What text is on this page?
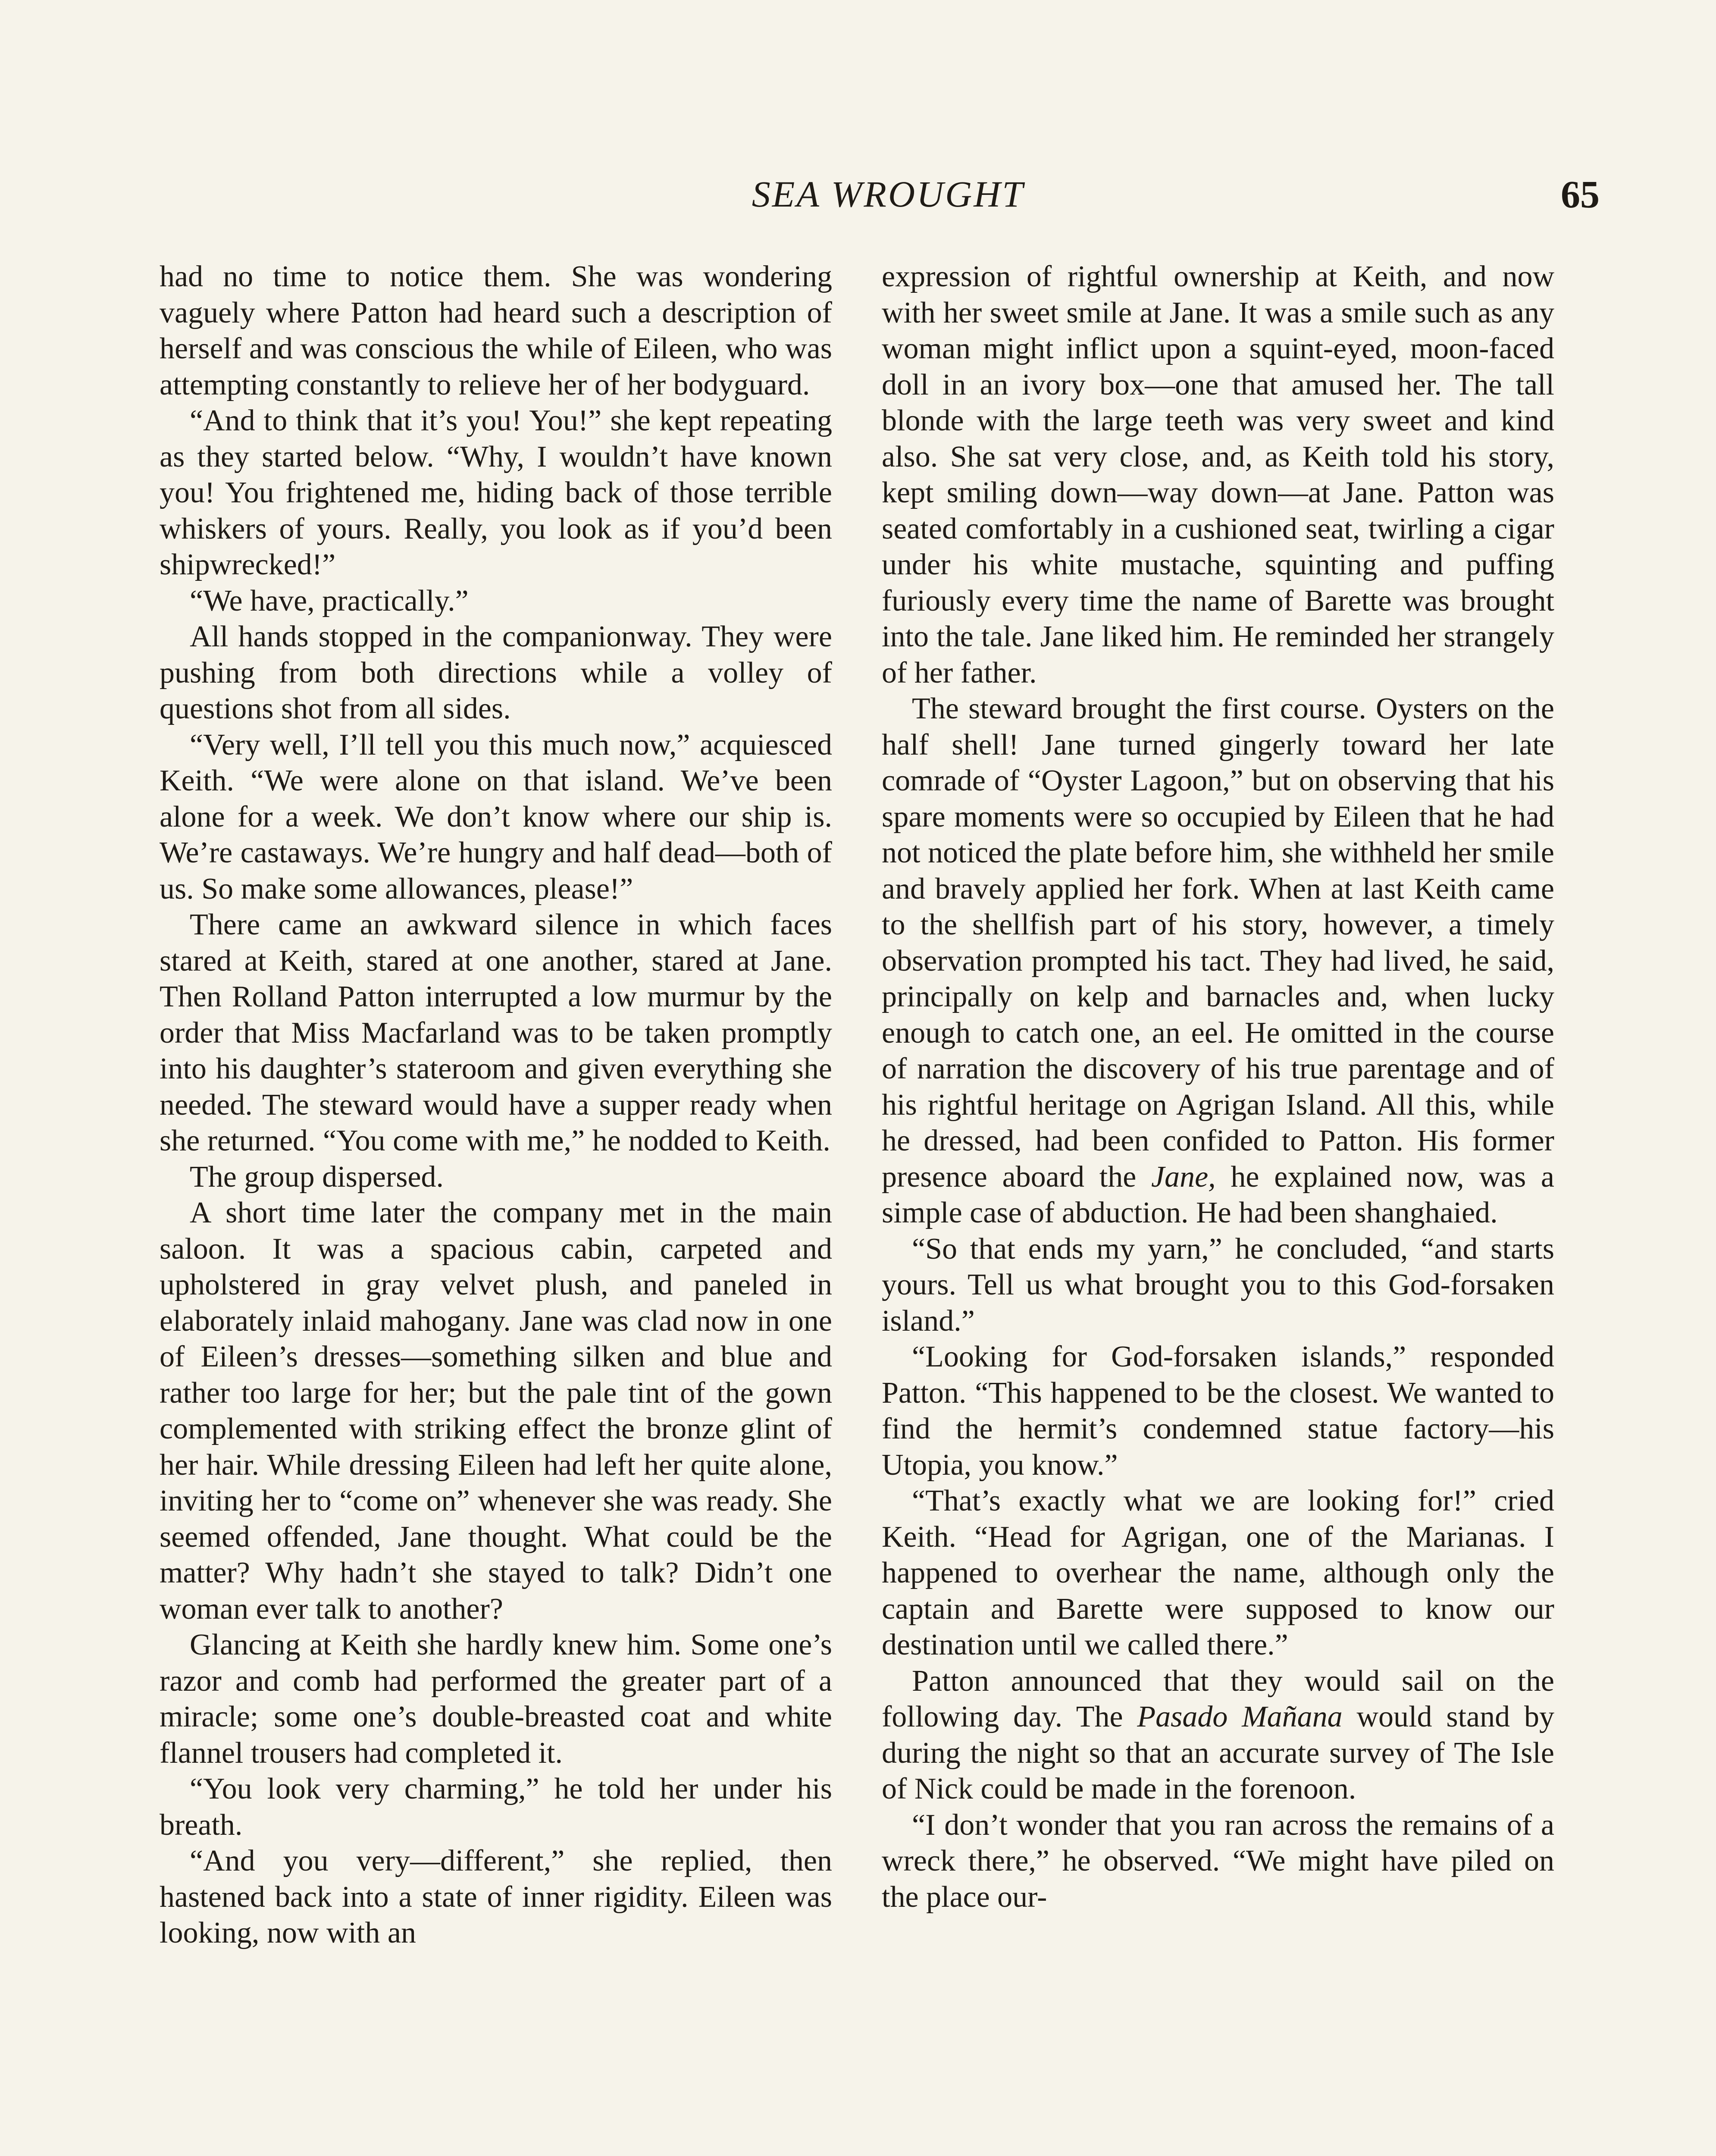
SEA WROUGHT	65

had no time to notice them. She was wondering vaguely where Patton had heard such a description of herself and was conscious the while of Eileen, who was attempting constantly to relieve her of her bodyguard.

“And to think that it’s you! You!” she kept repeating as they started below. “Why, I wouldn’t have known you! You frightened me, hiding back of those terrible whiskers of yours. Really, you look as if you’d been shipwrecked!”

“We have, practically.”

All hands stopped in the companionway. They were pushing from both directions while a volley of questions shot from all sides.

“Very well, I’ll tell you this much now,” acquiesced Keith. “We were alone on that island. We’ve been alone for a week. We don’t know where our ship is. We’re castaways. We’re hungry and half dead—both of us. So make some allowances, please!”

There came an awkward silence in which faces stared at Keith, stared at one another, stared at Jane. Then Rolland Patton interrupted a low murmur by the order that Miss Macfarland was to be taken promptly into his daughter’s stateroom and given everything she needed. The steward would have a supper ready when she returned. “You come with me,” he nodded to Keith.

The group dispersed.

A short time later the company met in the main saloon. It was a spacious cabin, carpeted and upholstered in gray velvet plush, and paneled in elaborately inlaid mahogany. Jane was clad now in one of Eileen’s dresses—something silken and blue and rather too large for her; but the pale tint of the gown complemented with striking effect the bronze glint of her hair. While dressing Eileen had left her quite alone, inviting her to “come on” whenever she was ready. She seemed offended, Jane thought. What could be the matter? Why hadn’t she stayed to talk? Didn’t one woman ever talk to another?

Glancing at Keith she hardly knew him. Some one’s razor and comb had performed the greater part of a miracle; some one’s double-breasted coat and white flannel trousers had completed it.

“You look very charming,” he told her under his breath.

“And you very—different,” she replied, then hastened back into a state of inner rigidity. Eileen was looking, now with an

expression of rightful ownership at Keith, and now with her sweet smile at Jane. It was a smile such as any woman might inflict upon a squint-eyed, moon-faced doll in an ivory box—one that amused her. The tall blonde with the large teeth was very sweet and kind also. She sat very close, and, as Keith told his story, kept smiling down—way down—at Jane. Patton was seated comfortably in a cushioned seat, twirling a cigar under his white mustache, squinting and puffing furiously every time the name of Barette was brought into the tale. Jane liked him. He reminded her strangely of her father.

The steward brought the first course. Oysters on the half shell! Jane turned gingerly toward her late comrade of “Oyster Lagoon,” but on observing that his spare moments were so occupied by Eileen that he had not noticed the plate before him, she withheld her smile and bravely applied her fork. When at last Keith came to the shellfish part of his story, however, a timely observation prompted his tact. They had lived, he said, principally on kelp and barnacles and, when lucky enough to catch one, an eel. He omitted in the course of narration the discovery of his true parentage and of his rightful heritage on Agrigan Island. All this, while he dressed, had been confided to Patton. His former presence aboard the Jane, he explained now, was a simple case of abduction. He had been shanghaied.

“So that ends my yarn,” he concluded, “and starts yours. Tell us what brought you to this God-forsaken island.”

“Looking for God-forsaken islands,” responded Patton. “This happened to be the closest. We wanted to find the hermit’s condemned statue factory—his Utopia, you know.”

“That’s exactly what we are looking for!” cried Keith. “Head for Agrigan, one of the Marianas. I happened to overhear the name, although only the captain and Barette were supposed to know our destination until we called there.”

Patton announced that they would sail on the following day. The Pasado Mañana would stand by during the night so that an accurate survey of The Isle of Nick could be made in the forenoon.

“I don’t wonder that you ran across the remains of a wreck there,” he observed. “We might have piled on the place our-
